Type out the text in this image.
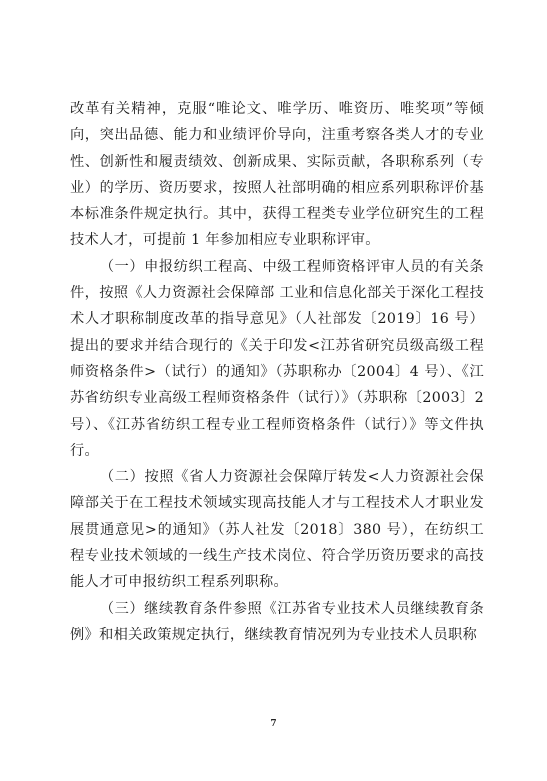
改革有关精神，克服“唯论文、唯学历、唯资历、唯奖项”等倾向，突出品德、能力和业绩评价导向，注重考察各类人才的专业性、创新性和履责绩效、创新成果、实际贡献，各职称系列（专业）的学历、资历要求，按照人社部明确的相应系列职称评价基本标准条件规定执行。其中，获得工程类专业学位研究生的工程技术人才，可提前 1 年参加相应专业职称评审。

（一）申报纺织工程高、中级工程师资格评审人员的有关条件，按照《人力资源社会保障部 工业和信息化部关于深化工程技术人才职称制度改革的指导意见》（人社部发〔2019〕16 号）提出的要求并结合现行的《关于印发<江苏省研究员级高级工程师资格条件>（试行）的通知》（苏职称办〔2004〕4 号）、《江苏省纺织专业高级工程师资格条件（试行）》（苏职称〔2003〕2 号）、《江苏省纺织工程专业工程师资格条件（试行）》等文件执行。

（二）按照《省人力资源社会保障厅转发<人力资源社会保障部关于在工程技术领域实现高技能人才与工程技术人才职业发展贯通意见>的通知》（苏人社发〔2018〕380 号），在纺织工程专业技术领域的一线生产技术岗位、符合学历资历要求的高技能人才可申报纺织工程系列职称。

（三）继续教育条件参照《江苏省专业技术人员继续教育条例》和相关政策规定执行，继续教育情况列为专业技术人员职称

7
